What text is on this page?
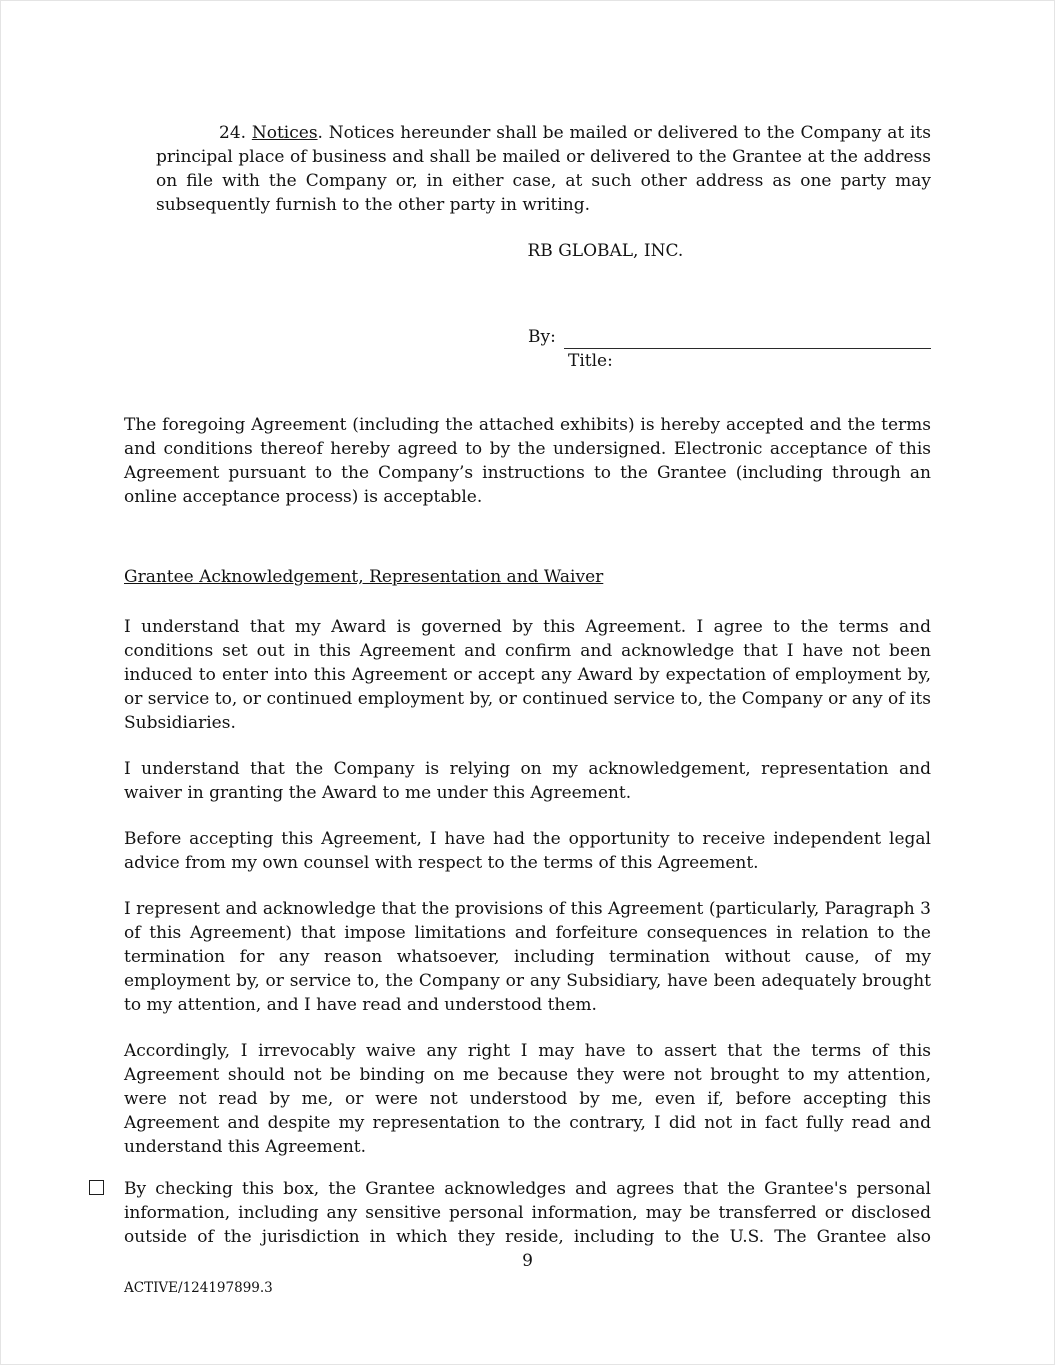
24. Notices. Notices hereunder shall be mailed or delivered to the Company at its principal place of business and shall be mailed or delivered to the Grantee at the address on file with the Company or, in either case, at such other address as one party may subsequently furnish to the other party in writing.

RB GLOBAL, INC.

By:
Title:

The foregoing Agreement (including the attached exhibits) is hereby accepted and the terms and conditions thereof hereby agreed to by the undersigned. Electronic acceptance of this Agreement pursuant to the Company’s instructions to the Grantee (including through an online acceptance process) is acceptable.

Grantee Acknowledgement, Representation and Waiver

I understand that my Award is governed by this Agreement. I agree to the terms and conditions set out in this Agreement and confirm and acknowledge that I have not been induced to enter into this Agreement or accept any Award by expectation of employment by, or service to, or continued employment by, or continued service to, the Company or any of its Subsidiaries.

I understand that the Company is relying on my acknowledgement, representation and waiver in granting the Award to me under this Agreement.

Before accepting this Agreement, I have had the opportunity to receive independent legal advice from my own counsel with respect to the terms of this Agreement.

I represent and acknowledge that the provisions of this Agreement (particularly, Paragraph 3 of this Agreement) that impose limitations and forfeiture consequences in relation to the termination for any reason whatsoever, including termination without cause, of my employment by, or service to, the Company or any Subsidiary, have been adequately brought to my attention, and I have read and understood them.

Accordingly, I irrevocably waive any right I may have to assert that the terms of this Agreement should not be binding on me because they were not brought to my attention, were not read by me, or were not understood by me, even if, before accepting this Agreement and despite my representation to the contrary, I did not in fact fully read and understand this Agreement.

By checking this box, the Grantee acknowledges and agrees that the Grantee's personal information, including any sensitive personal information, may be transferred or disclosed outside of the jurisdiction in which they reside, including to the U.S. The Grantee also

9
ACTIVE/124197899.3
